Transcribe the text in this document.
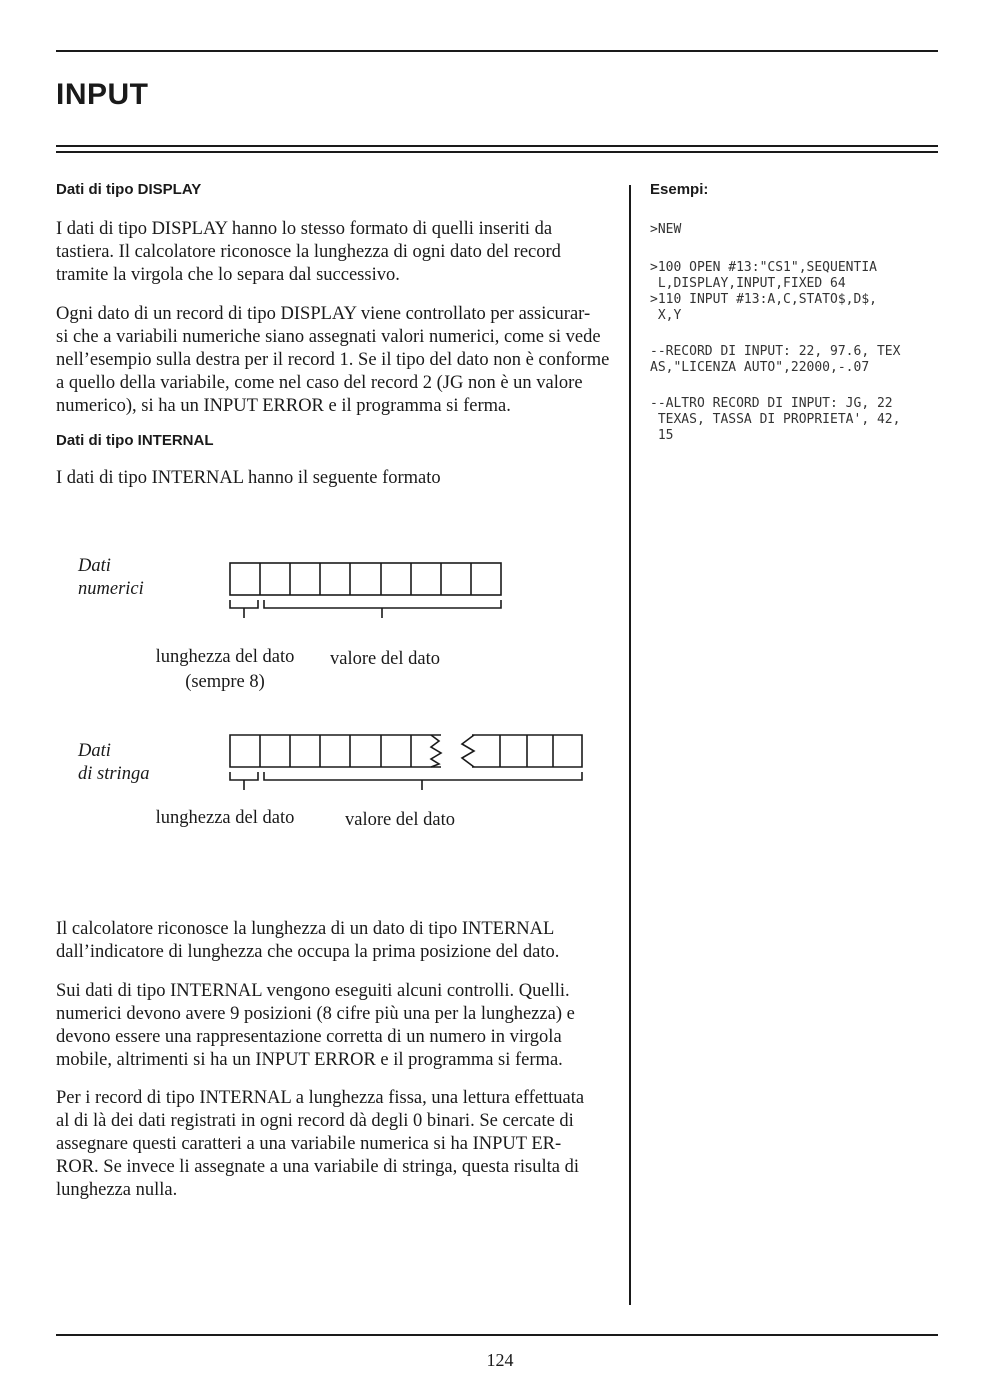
INPUT
Dati di tipo DISPLAY
I dati di tipo DISPLAY hanno lo stesso formato di quelli inseriti da
tastiera. Il calcolatore riconosce la lunghezza di ogni dato del record
tramite la virgola che lo separa dal successivo.
Ogni dato di un record di tipo DISPLAY viene controllato per assicurar-
si che a variabili numeriche siano assegnati valori numerici, come si vede
nell’esempio sulla destra per il record 1. Se il tipo del dato non è conforme
a quello della variabile, come nel caso del record 2 (JG non è un valore
numerico), si ha un INPUT ERROR e il programma si ferma.
Dati di tipo INTERNAL

I dati di tipo INTERNAL hanno il seguente formato

Dati

numerici

lunghezza del dato

(sempre 8)

valore del dato

Dati

di stringa

lunghezza del dato	valore del dato

Il calcolatore riconosce la lunghezza di un dato di tipo INTERNAL
dall’indicatore di lunghezza che occupa la prima posizione del dato.
Sui dati di tipo INTERNAL vengono eseguiti alcuni controlli. Quelli.
numerici devono avere 9 posizioni (8 cifre più una per la lunghezza) e
devono essere una rappresentazione corretta di un numero in virgola
mobile, altrimenti si ha un INPUT ERROR e il programma si ferma.
Per i record di tipo INTERNAL a lunghezza fissa, una lettura effettuata
al di là dei dati registrati in ogni record dà degli 0 binari. Se cercate di
assegnare questi caratteri a una variabile numerica si ha INPUT ER-
ROR. Se invece li assegnate a una variabile di stringa, questa risulta di
lunghezza nulla.
Esempi:

>NEW

>100 OPEN #13:"CS1",SEQUENTIA

L,DISPLAY,INPUT,FIXED 64

>110 INPUT #13:A,C,STATO$,D$,

X,Y

--RECORD DI INPUT: 22, 97.6, TEX

AS,"LICENZA AUTO",22000,-.07

--ALTRO RECORD DI INPUT: JG, 22

TEXAS, TASSA DI PROPRIETA', 42,

15

124
